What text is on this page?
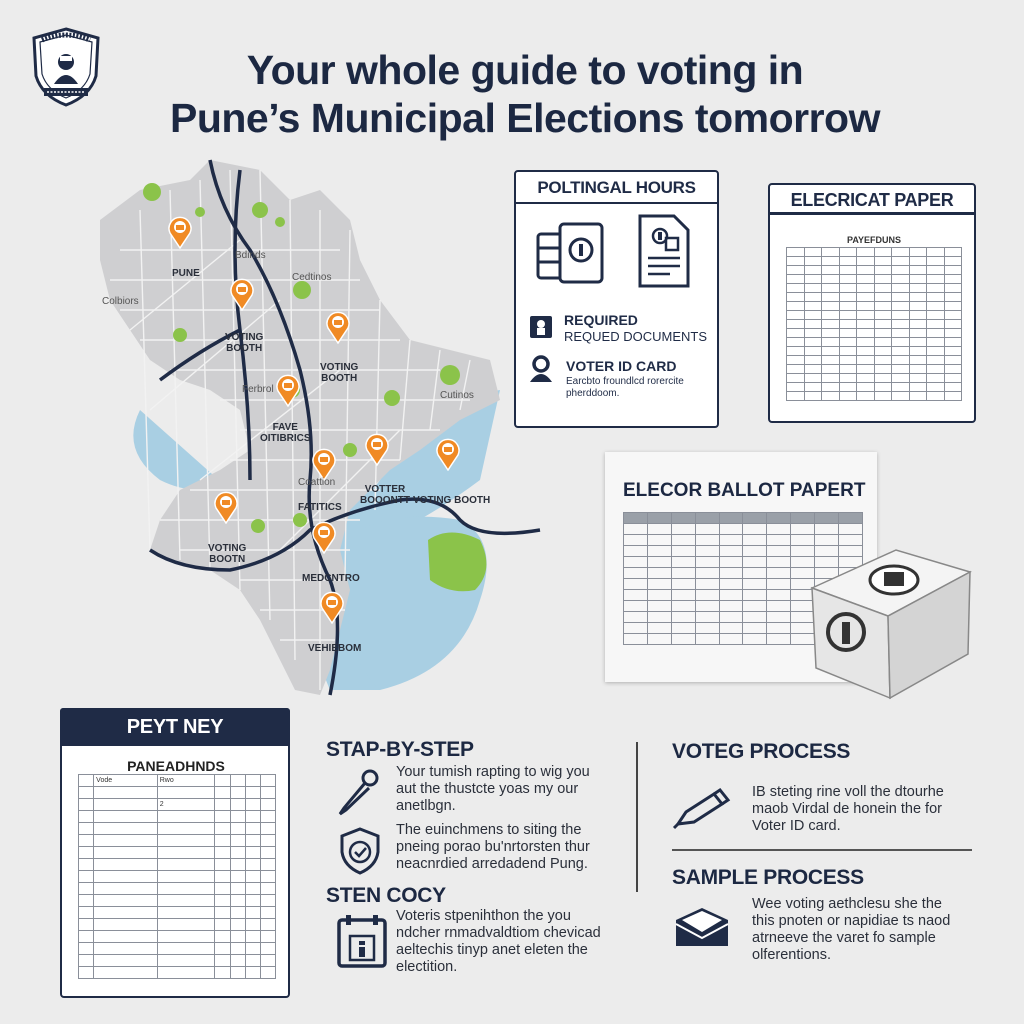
Your whole guide to voting in
Pune’s Municipal Elections tomorrow
PUNE
Bdinds
Cedtinos
Colbiors
VOTING
BOOTH
VOTING
BOOTH
Ferbrol
Cutinos
FAVE
OITIBRICS
Coattion
FATITICS
VOTTER
BOOONTT VOTING BOOTH
VOTING
BOOTN
MEDCNTRO
VEHIEBOM
POLTINGAL HOURS
REQUIRED
REQUED DOCUMENTS
VOTER ID CARD
Earcbto froundlcd rorercite
pherddoom.
ELECRICAT PAPER
PAYEFDUNS

ELECOR BALLOT PAPERT

PEYT NEY
PANEADHNDS
	Vode	Rwo				

		2				

STAP-BY-STEP
Your tumish rapting to wig you
aut the thustcte yoas my our
anetlbgn.
The euinchmens to siting the
pneing porao bu'nrtorsten thur
neacnrdied arredadend Pung.
STEN COCY
Voteris stpenihthon the you
ndcher rnmadvaldtiom chevicad
aeltechis tinyp anet eleten the
electition.
VOTEG PROCESS
IB steting rine voll the dtourhe
maob Virdal de honein the for
Voter ID card.
SAMPLE PROCESS
Wee voting aethclesu she the
this pnoten or napidiae ts naod
atrneeve the varet fo sample
olferentions.
